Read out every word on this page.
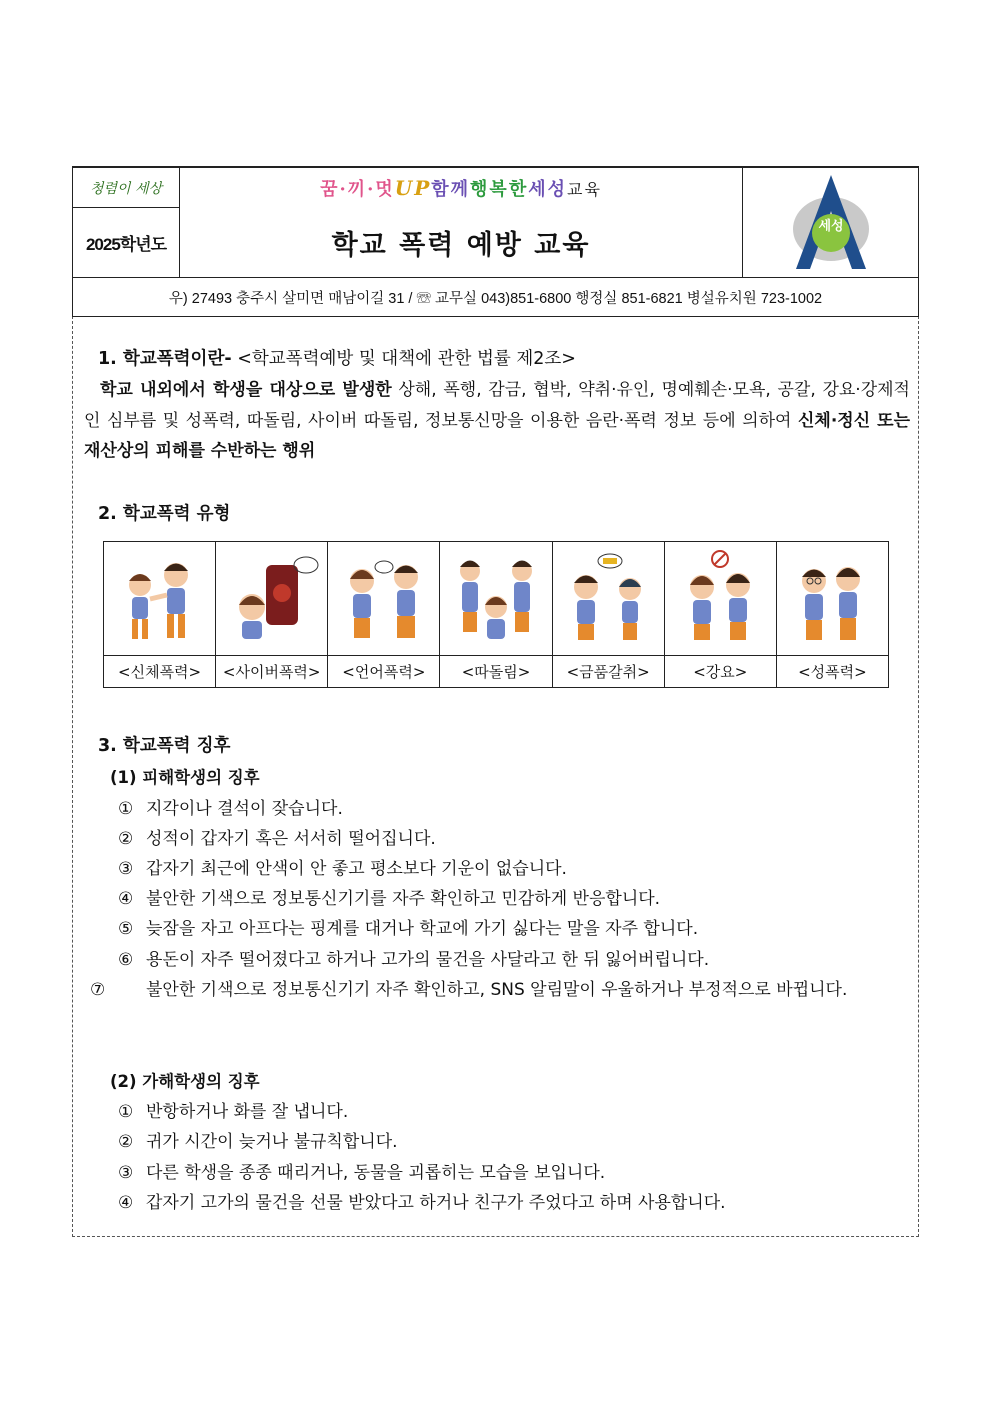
청렴이 세상
2025학년도
꿈·끼·멋 UP 함께 행복한 세성 교육
학교 폭력 예방 교육
세성
우) 27493 충주시 살미면 매남이길 31 / ☏ 교무실 043)851-6800 행정실 851-6821 병설유치원 723-1002
1. 학교폭력이란- <학교폭력예방 및 대책에 관한 법률 제2조>
학교 내외에서 학생을 대상으로 발생한 상해, 폭행, 감금, 협박, 약취·유인, 명예훼손·모욕, 공갈, 강요·강제적인 심부름 및 성폭력, 따돌림, 사이버 따돌림, 정보통신망을 이용한 음란·폭력 정보 등에 의하여 신체·정신 또는 재산상의 피해를 수반하는 행위
2. 학교폭력 유형

<신체폭력>	<사이버폭력>	<언어폭력>	<따돌림>	<금품갈취>	<강요>	<성폭력>
3. 학교폭력 징후
(1) 피해학생의 징후
① 지각이나 결석이 잦습니다.
② 성적이 갑자기 혹은 서서히 떨어집니다.
③ 갑자기 최근에 안색이 안 좋고 평소보다 기운이 없습니다.
④ 불안한 기색으로 정보통신기기를 자주 확인하고 민감하게 반응합니다.
⑤ 늦잠을 자고 아프다는 핑계를 대거나 학교에 가기 싫다는 말을 자주 합니다.
⑥ 용돈이 자주 떨어졌다고 하거나 고가의 물건을 사달라고 한 뒤 잃어버립니다.
⑦ 불안한 기색으로 정보통신기기 자주 확인하고, SNS 알림말이 우울하거나 부정적으로 바뀝니다.
(2) 가해학생의 징후
① 반항하거나 화를 잘 냅니다.
② 귀가 시간이 늦거나 불규칙합니다.
③ 다른 학생을 종종 때리거나, 동물을 괴롭히는 모습을 보입니다.
④ 갑자기 고가의 물건을 선물 받았다고 하거나 친구가 주었다고 하며 사용합니다.
